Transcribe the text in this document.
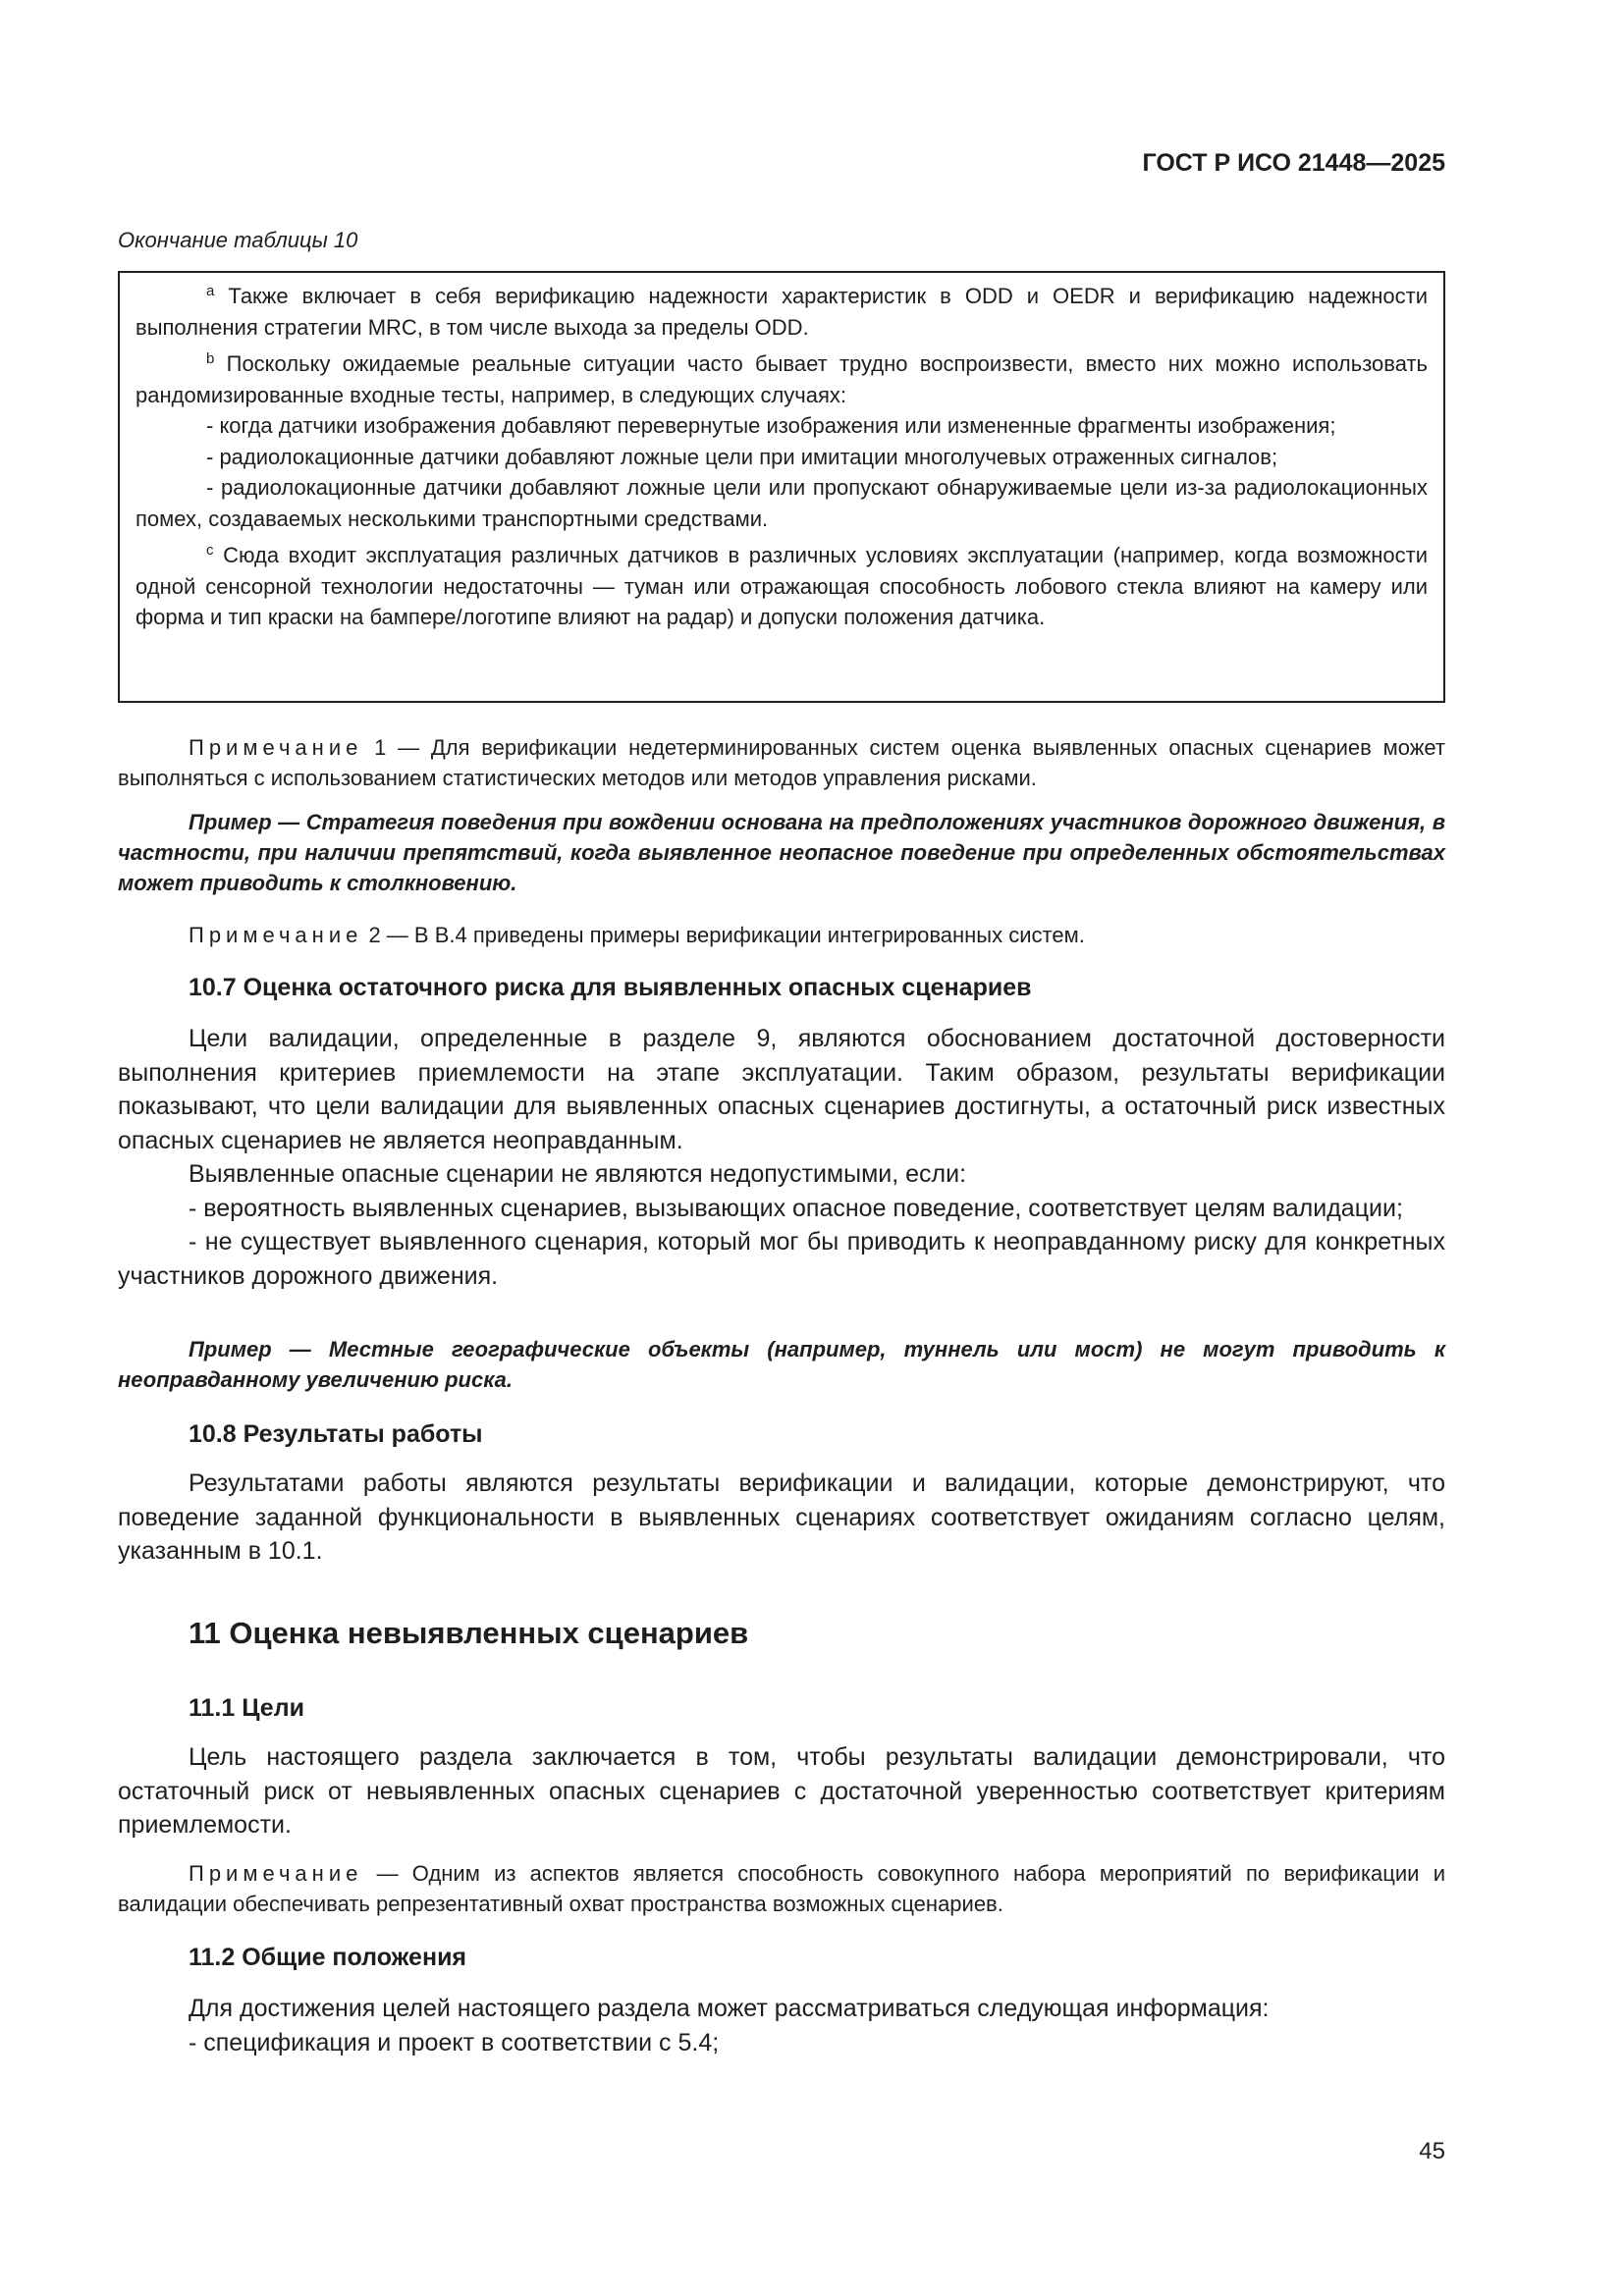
ГОСТ Р ИСО 21448—2025
Окончание таблицы 10

$^a$ Также включает в себя верификацию надежности характеристик в ODD и OEDR и верификацию надежности выполнения стратегии MRC, в том числе выхода за пределы ODD.

$^b$ Поскольку ожидаемые реальные ситуации часто бывает трудно воспроизвести, вместо них можно использовать рандомизированные входные тесты, например, в следующих случаях:

- когда датчики изображения добавляют перевернутые изображения или измененные фрагменты изображения;

- радиолокационные датчики добавляют ложные цели при имитации многолучевых отраженных сигналов;

- радиолокационные датчики добавляют ложные цели или пропускают обнаруживаемые цели из-за радиолокационных помех, создаваемых несколькими транспортными средствами.

$^c$ Сюда входит эксплуатация различных датчиков в различных условиях эксплуатации (например, когда возможности одной сенсорной технологии недостаточны — туман или отражающая способность лобового стекла влияют на камеру или форма и тип краски на бампере/логотипе влияют на радар) и допуски положения датчика.

Примечание 1 — Для верификации недетерминированных систем оценка выявленных опасных сценариев может выполняться с использованием статистических методов или методов управления рисками.

Пример — Стратегия поведения при вождении основана на предположениях участников дорожного движения, в частности, при наличии препятствий, когда выявленное неопасное поведение при определенных обстоятельствах может приводить к столкновению.

Примечание 2 — В В.4 приведены примеры верификации интегрированных систем.

10.7 Оценка остаточного риска для выявленных опасных сценариев

Цели валидации, определенные в разделе 9, являются обоснованием достаточной достоверности выполнения критериев приемлемости на этапе эксплуатации. Таким образом, результаты верификации показывают, что цели валидации для выявленных опасных сценариев достигнуты, а остаточный риск известных опасных сценариев не является неоправданным.

Выявленные опасные сценарии не являются недопустимыми, если:

- вероятность выявленных сценариев, вызывающих опасное поведение, соответствует целям валидации;

- не существует выявленного сценария, который мог бы приводить к неоправданному риску для конкретных участников дорожного движения.

Пример — Местные географические объекты (например, туннель или мост) не могут приводить к неоправданному увеличению риска.

10.8 Результаты работы

Результатами работы являются результаты верификации и валидации, которые демонстрируют, что поведение заданной функциональности в выявленных сценариях соответствует ожиданиям согласно целям, указанным в 10.1.

11 Оценка невыявленных сценариев

11.1 Цели

Цель настоящего раздела заключается в том, чтобы результаты валидации демонстрировали, что остаточный риск от невыявленных опасных сценариев с достаточной уверенностью соответствует критериям приемлемости.

Примечание — Одним из аспектов является способность совокупного набора мероприятий по верификации и валидации обеспечивать репрезентативный охват пространства возможных сценариев.

11.2 Общие положения

Для достижения целей настоящего раздела может рассматриваться следующая информация:

- спецификация и проект в соответствии с 5.4;

45
